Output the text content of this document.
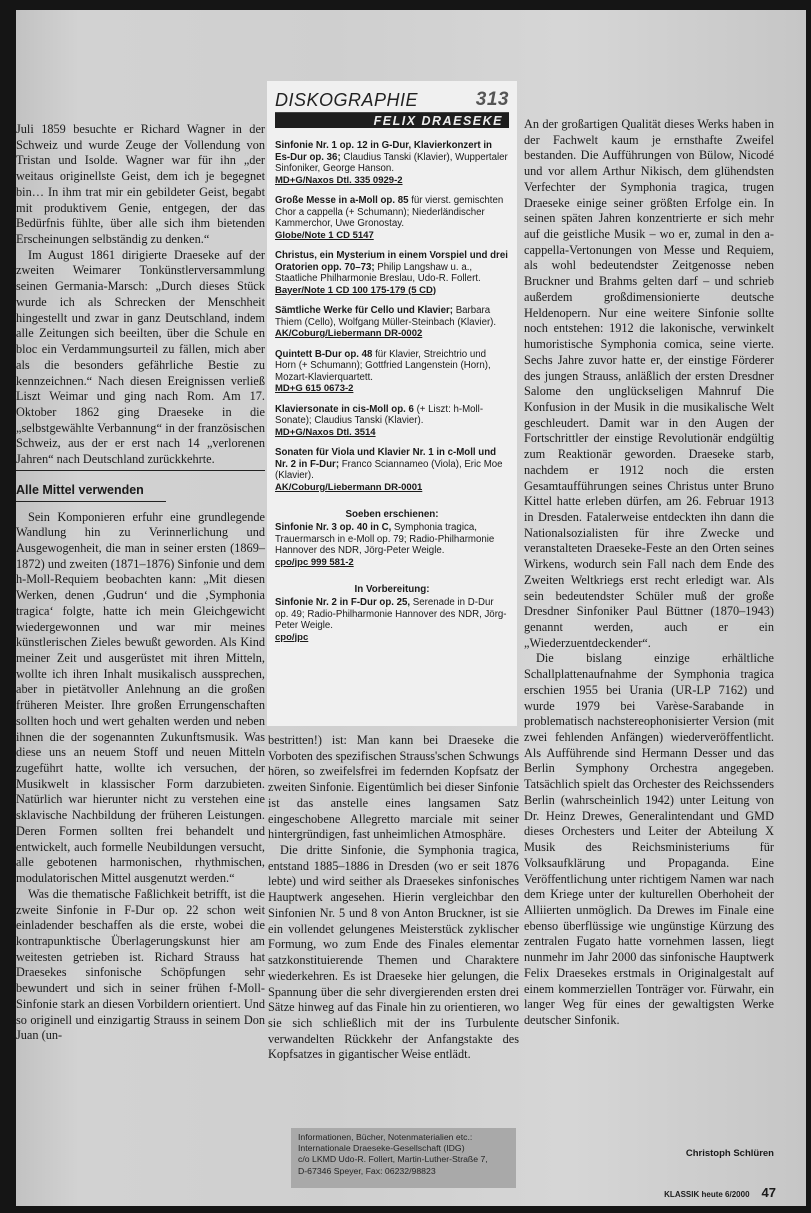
Juli 1859 besuchte er Richard Wagner in der Schweiz und wurde Zeuge der Vollendung von Tristan und Isolde. Wagner war für ihn „der weitaus originellste Geist, dem ich je begegnet bin… In ihm trat mir ein gebildeter Geist, begabt mit produktivem Genie, entgegen, der das Bedürfnis fühlte, über alle sich ihm bietenden Erscheinungen selbständig zu denken.“

Im August 1861 dirigierte Draeseke auf der zweiten Weimarer Tonkünstlerversammlung seinen Germania-Marsch: „Durch dieses Stück wurde ich als Schrecken der Menschheit hingestellt und zwar in ganz Deutschland, indem alle Zeitungen sich beeilten, über die Schule en bloc ein Verdammungsurteil zu fällen, mich aber als die besonders gefährliche Bestie zu kennzeichnen.“ Nach diesen Ereignissen verließ Liszt Weimar und ging nach Rom. Am 17. Oktober 1862 ging Draeseke in die „selbstgewählte Verbannung“ in der französischen Schweiz, aus der er erst nach 14 „verlorenen Jahren“ nach Deutschland zurückkehrte.

Alle Mittel verwenden

Sein Komponieren erfuhr eine grundlegende Wandlung hin zu Verinnerlichung und Ausgewogenheit, die man in seiner ersten (1869–1872) und zweiten (1871–1876) Sinfonie und dem h-Moll-Requiem beobachten kann: „Mit diesen Werken, denen ‚Gudrun‘ und die ‚Symphonia tragica‘ folgte, hatte ich mein Gleichgewicht wiedergewonnen und war mir meines künstlerischen Zieles bewußt geworden. Als Kind meiner Zeit und ausgerüstet mit ihren Mitteln, wollte ich ihren Inhalt musikalisch aussprechen, aber in pietätvoller Anlehnung an die großen früheren Meister. Ihre großen Errungenschaften sollten hoch und wert gehalten werden und neben ihnen die der sogenannten Zukunftsmusik. Was diese uns an neuem Stoff und neuen Mitteln zugeführt hatte, wollte ich versuchen, der Musikwelt in klassischer Form darzubieten. Natürlich war hierunter nicht zu verstehen eine sklavische Nachbildung der früheren Leistungen. Deren Formen sollten frei behandelt und entwickelt, auch formelle Neubildungen versucht, alle gebotenen harmonischen, rhythmischen, modulatorischen Mittel ausgenutzt werden.“

Was die thematische Faßlichkeit betrifft, ist die zweite Sinfonie in F-Dur op. 22 schon weit einladender beschaffen als die erste, wobei die kontrapunktische Überlagerungskunst hier am weitesten getrieben ist. Richard Strauss hat Draesekes sinfonische Schöpfungen sehr bewundert und sich in seiner frühen f-Moll-Sinfonie stark an diesen Vorbildern orientiert. Und so originell und einzigartig Strauss in seinem Don Juan (un-

DISKOGRAPHIE	313
FELIX DRAESEKE
Sinfonie Nr. 1 op. 12 in G-Dur, Klavierkonzert in Es-Dur op. 36; Claudius Tanski (Klavier), Wuppertaler Sinfoniker, George Hanson.
MD+G/Naxos Dtl. 335 0929-2
Große Messe in a-Moll op. 85 für vierst. gemischten Chor a cappella (+ Schumann); Niederländischer Kammerchor, Uwe Gronostay.
Globe/Note 1 CD 5147
Christus, ein Mysterium in einem Vorspiel und drei Oratorien opp. 70–73; Philip Langshaw u. a., Staatliche Philharmonie Breslau, Udo-R. Follert.
Bayer/Note 1 CD 100 175-179 (5 CD)
Sämtliche Werke für Cello und Klavier; Barbara Thiem (Cello), Wolfgang Müller-Steinbach (Klavier).
AK/Coburg/Liebermann DR-0002
Quintett B-Dur op. 48 für Klavier, Streichtrio und Horn (+ Schumann); Gottfried Langenstein (Horn), Mozart-Klavierquartett.
MD+G 615 0673-2
Klaviersonate in cis-Moll op. 6 (+ Liszt: h-Moll-Sonate); Claudius Tanski (Klavier).
MD+G/Naxos Dtl. 3514
Sonaten für Viola und Klavier Nr. 1 in c-Moll und Nr. 2 in F-Dur; Franco Sciannameo (Viola), Eric Moe (Klavier).
AK/Coburg/Liebermann DR-0001
Soeben erschienen:
Sinfonie Nr. 3 op. 40 in C, Symphonia tragica, Trauermarsch in e-Moll op. 79; Radio-Philharmonie Hannover des NDR, Jörg-Peter Weigle.
cpo/jpc 999 581-2
In Vorbereitung:
Sinfonie Nr. 2 in F-Dur op. 25, Serenade in D-Dur op. 49; Radio-Philharmonie Hannover des NDR, Jörg-Peter Weigle.
cpo/jpc

bestritten!) ist: Man kann bei Draeseke die Vorboten des spezifischen Strauss'schen Schwungs hören, so zweifelsfrei im federnden Kopfsatz der zweiten Sinfonie. Eigentümlich bei dieser Sinfonie ist das anstelle eines langsamen Satz eingeschobene Allegretto marciale mit seiner hintergründigen, fast unheimlichen Atmosphäre.

Die dritte Sinfonie, die Symphonia tragica, entstand 1885–1886 in Dresden (wo er seit 1876 lebte) und wird seither als Draesekes sinfonisches Hauptwerk angesehen. Hierin vergleichbar den Sinfonien Nr. 5 und 8 von Anton Bruckner, ist sie ein vollendet gelungenes Meisterstück zyklischer Formung, wo zum Ende des Finales elementar satzkonstituierende Themen und Charaktere wiederkehren. Es ist Draeseke hier gelungen, die Spannung über die sehr divergierenden ersten drei Sätze hinweg auf das Finale hin zu orientieren, wo sie sich schließlich mit der ins Turbulente verwandelten Rückkehr der Anfangstakte des Kopfsatzes in gigantischer Weise entlädt.

Informationen, Bücher, Notenmaterialien etc.:
Internationale Draeseke-Gesellschaft (IDG)
c/o LKMD Udo-R. Follert, Martin-Luther-Straße 7,
D-67346 Speyer, Fax: 06232/98823

An der großartigen Qualität dieses Werks haben in der Fachwelt kaum je ernsthafte Zweifel bestanden. Die Aufführungen von Bülow, Nicodé und vor allem Arthur Nikisch, dem glühendsten Verfechter der Symphonia tragica, trugen Draeseke einige seiner größten Erfolge ein. In seinen späten Jahren konzentrierte er sich mehr auf die geistliche Musik – wo er, zumal in den a-cappella-Vertonungen von Messe und Requiem, als wohl bedeutendster Zeitgenosse neben Bruckner und Brahms gelten darf – und schrieb außerdem großdimensionierte deutsche Heldenopern. Nur eine weitere Sinfonie sollte noch entstehen: 1912 die lakonische, verwinkelt humoristische Symphonia comica, seine vierte. Sechs Jahre zuvor hatte er, der einstige Förderer des jungen Strauss, anläßlich der ersten Dresdner Salome den unglückseligen Mahnruf Die Konfusion in der Musik in die musikalische Welt geschleudert. Damit war in den Augen der Fortschrittler der einstige Revolutionär endgültig zum Reaktionär geworden. Draeseke starb, nachdem er 1912 noch die ersten Gesamtaufführungen seines Christus unter Bruno Kittel hatte erleben dürfen, am 26. Februar 1913 in Dresden. Fatalerweise entdeckten ihn dann die Nationalsozialisten für ihre Zwecke und veranstalteten Draeseke-Feste an den Orten seines Wirkens, wodurch sein Fall nach dem Ende des Zweiten Weltkriegs erst recht erledigt war. Als sein bedeutendster Schüler muß der große Dresdner Sinfoniker Paul Büttner (1870–1943) genannt werden, auch er ein „Wiederzuentdeckender“.

Die bislang einzige erhältliche Schallplattenaufnahme der Symphonia tragica erschien 1955 bei Urania (UR-LP 7162) und wurde 1979 bei Varèse-Sarabande in problematisch nachstereophonisierter Version (mit zwei fehlenden Anfängen) wiederveröffentlicht. Als Aufführende sind Hermann Desser und das Berlin Symphony Orchestra angegeben. Tatsächlich spielt das Orchester des Reichssenders Berlin (wahrscheinlich 1942) unter Leitung von Dr. Heinz Drewes, Generalintendant und GMD dieses Orchesters und Leiter der Abteilung X Musik des Reichsministeriums für Volksaufklärung und Propaganda. Eine Veröffentlichung unter richtigem Namen war nach dem Kriege unter der kulturellen Oberhoheit der Alliierten unmöglich. Da Drewes im Finale eine ebenso überflüssige wie ungünstige Kürzung des zentralen Fugato hatte vornehmen lassen, liegt nunmehr im Jahr 2000 das sinfonische Hauptwerk Felix Draesekes erstmals in Originalgestalt auf einem kommerziellen Tonträger vor. Fürwahr, ein langer Weg für eines der gewaltigsten Werke deutscher Sinfonik.

Christoph Schlüren
KLASSIK heute 6/2000 47
